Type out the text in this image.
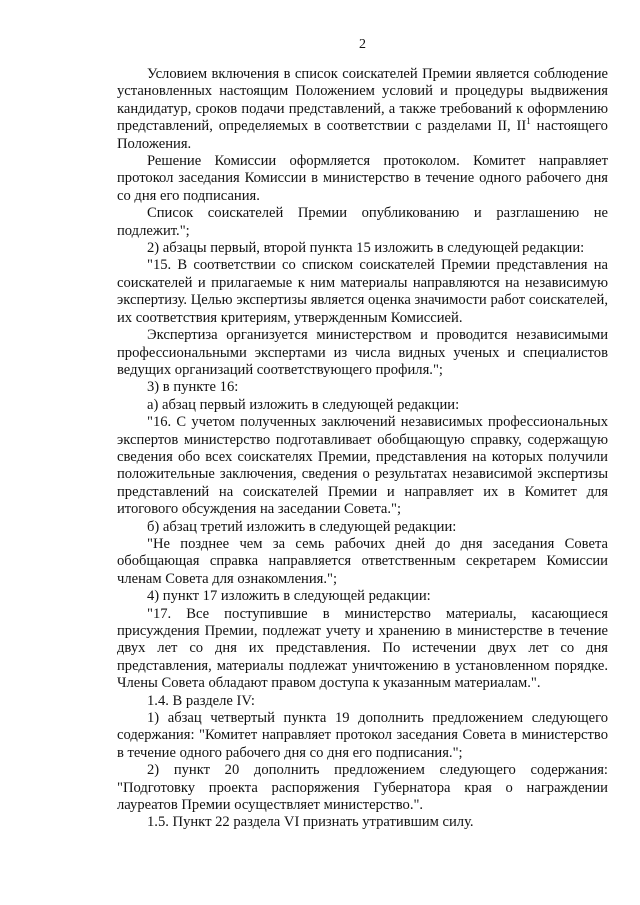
2

Условием включения в список соискателей Премии является соблюдение установленных настоящим Положением условий и процедуры выдвижения кандидатур, сроков подачи представлений, а также требований к оформлению представлений, определяемых в соответствии с разделами II, $II^1$ настоящего Положения.

Решение Комиссии оформляется протоколом. Комитет направляет протокол заседания Комиссии в министерство в течение одного рабочего дня со дня его подписания.

Список соискателей Премии опубликованию и разглашению не подлежит.";

2) абзацы первый, второй пункта 15 изложить в следующей редакции:

"15. В соответствии со списком соискателей Премии представления на соискателей и прилагаемые к ним материалы направляются на независимую экспертизу. Целью экспертизы является оценка значимости работ соискателей, их соответствия критериям, утвержденным Комиссией.

Экспертиза организуется министерством и проводится независимыми профессиональными экспертами из числа видных ученых и специалистов ведущих организаций соответствующего профиля.";

3) в пункте 16:

а) абзац первый изложить в следующей редакции:

"16. С учетом полученных заключений независимых профессиональных экспертов министерство подготавливает обобщающую справку, содержащую сведения обо всех соискателях Премии, представления на которых получили положительные заключения, сведения о результатах независимой экспертизы представлений на соискателей Премии и направляет их в Комитет для итогового обсуждения на заседании Совета.";

б) абзац третий изложить в следующей редакции:

"Не позднее чем за семь рабочих дней до дня заседания Совета обобщающая справка направляется ответственным секретарем Комиссии членам Совета для ознакомления.";

4) пункт 17 изложить в следующей редакции:

"17. Все поступившие в министерство материалы, касающиеся присуждения Премии, подлежат учету и хранению в министерстве в течение двух лет со дня их представления. По истечении двух лет со дня представления, материалы подлежат уничтожению в установленном порядке. Члены Совета обладают правом доступа к указанным материалам.".

1.4. В разделе IV:

1) абзац четвертый пункта 19 дополнить предложением следующего содержания: "Комитет направляет протокол заседания Совета в министерство в течение одного рабочего дня со дня его подписания.";

2) пункт 20 дополнить предложением следующего содержания: "Подготовку проекта распоряжения Губернатора края о награждении лауреатов Премии осуществляет министерство.".

1.5. Пункт 22 раздела VI признать утратившим силу.
